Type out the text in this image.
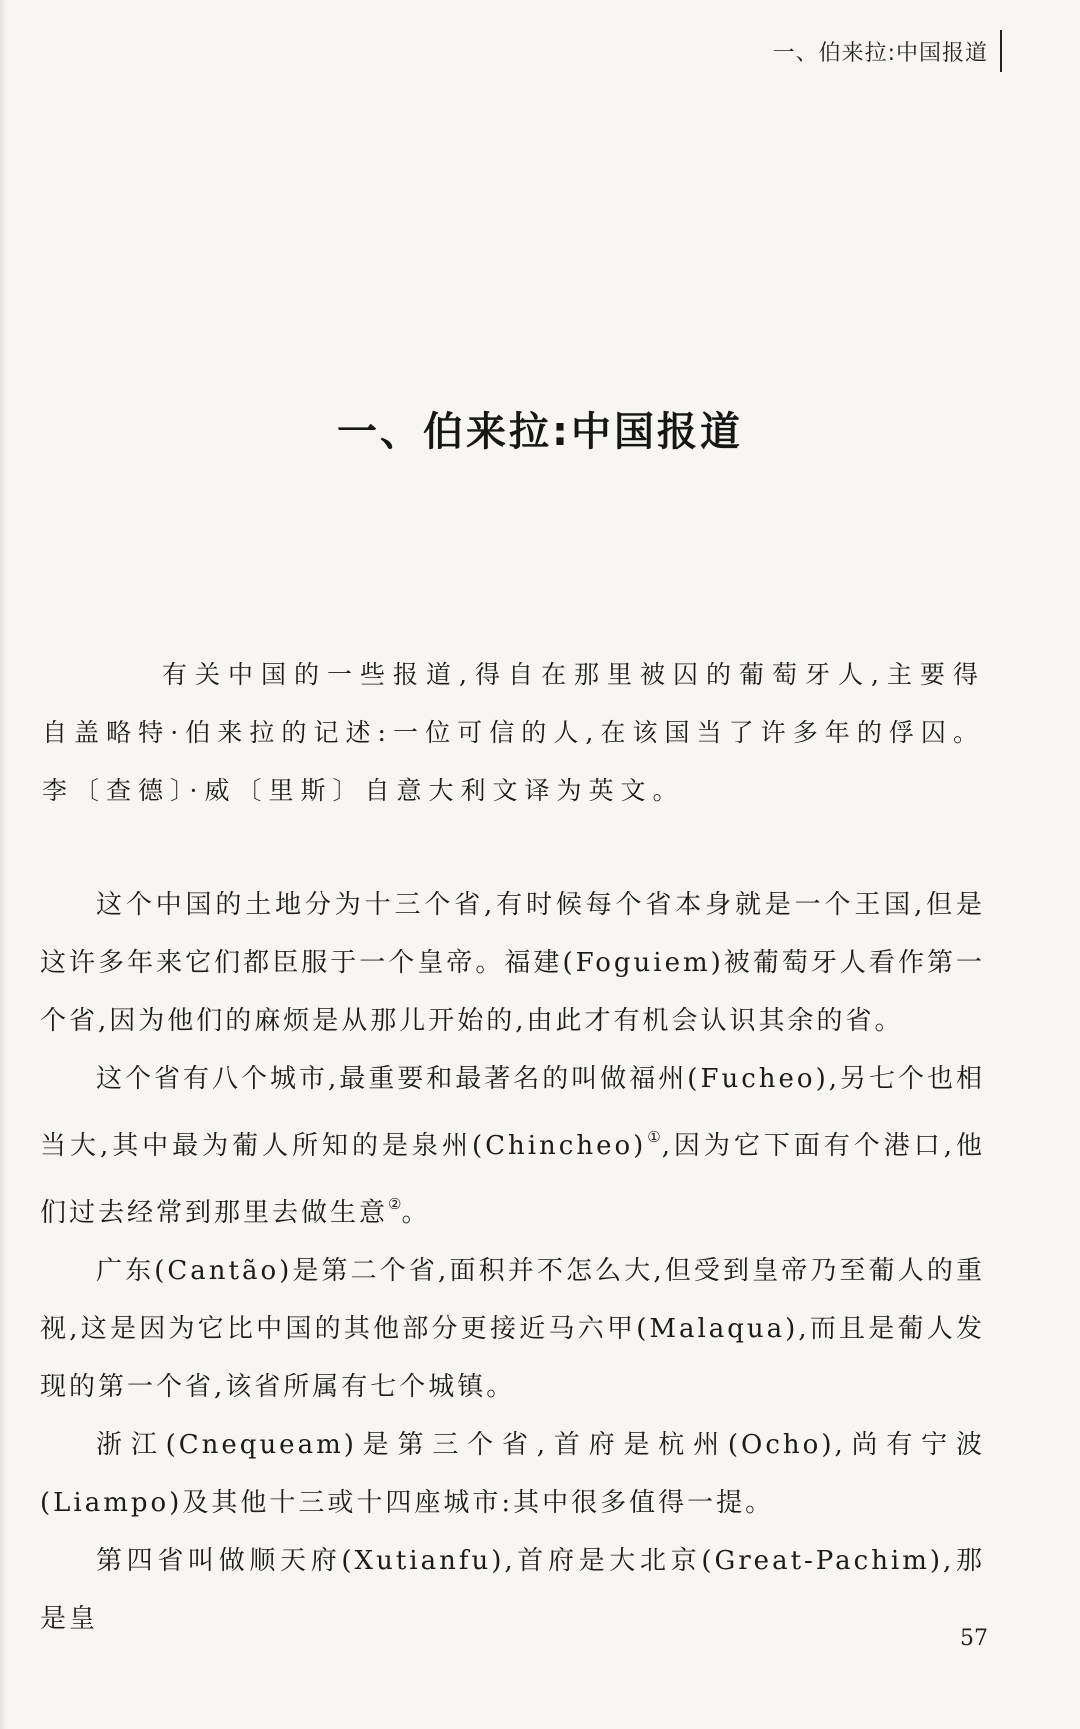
一、伯来拉:中国报道
一、伯来拉:中国报道
有关中国的一些报道,得自在那里被囚的葡萄牙人,主要得自盖略特·伯来拉的记述:一位可信的人,在该国当了许多年的俘囚。李〔查德〕·威〔里斯〕自意大利文译为英文。

这个中国的土地分为十三个省,有时候每个省本身就是一个王国,但是这许多年来它们都臣服于一个皇帝。福建(Foguiem)被葡萄牙人看作第一个省,因为他们的麻烦是从那儿开始的,由此才有机会认识其余的省。

这个省有八个城市,最重要和最著名的叫做福州(Fucheo),另七个也相当大,其中最为葡人所知的是泉州(Chincheo)①,因为它下面有个港口,他们过去经常到那里去做生意②。

广东(Cantão)是第二个省,面积并不怎么大,但受到皇帝乃至葡人的重视,这是因为它比中国的其他部分更接近马六甲(Malaqua),而且是葡人发现的第一个省,该省所属有七个城镇。

浙江(Cnequeam)是第三个省,首府是杭州(Ocho),尚有宁波(Liampo)及其他十三或十四座城市:其中很多值得一提。

第四省叫做顺天府(Xutianfu),首府是大北京(Great-Pachim),那是皇

57
